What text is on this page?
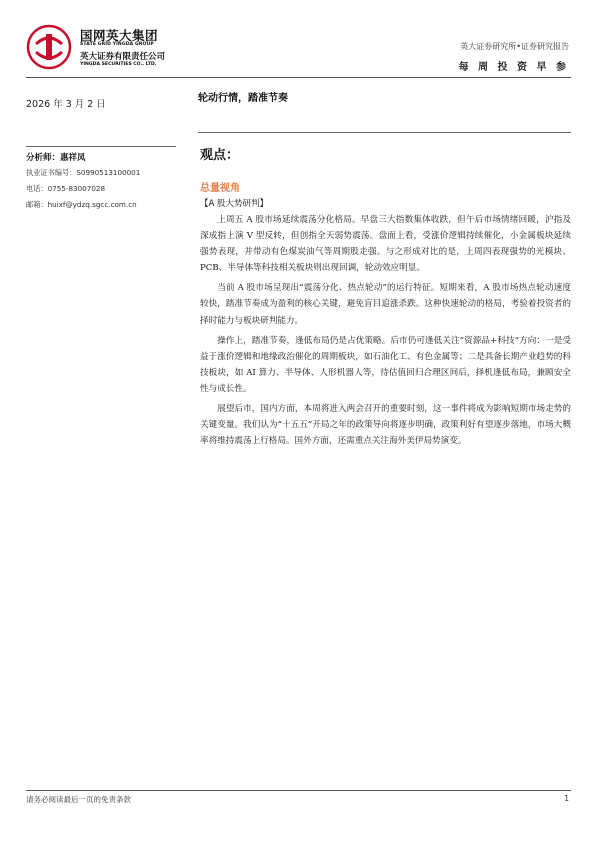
国网英大集团
STATE GRID YINGDA GROUP
英大证券有限责任公司
YINGDA SECURITIES CO., LTD.
英大证券研究所•证券研究报告
每 周 投 资 早 参
2026 年 3 月 2 日
分析师：惠祥凤
执业证书编号：S0990513100001
电话：0755-83007028
邮箱：huixf@ydzq.sgcc.com.cn
轮动行情，踏准节奏
观点：
总量视角
【A 股大势研判】

上周五 A 股市场延续震荡分化格局。早盘三大指数集体收跌，但午后市场情绪回暖，沪指及深成指上演 V 型反转，但创指全天弱势震荡。盘面上看，受涨价逻辑持续催化，小金属板块延续强势表现，并带动有色煤炭油气等周期股走强。与之形成对比的是，上周四表现强势的光模块、PCB、半导体等科技相关板块则出现回调，轮动效应明显。

当前 A 股市场呈现出“震荡分化、热点轮动”的运行特征。短期来看，A 股市场热点轮动速度较快，踏准节奏成为盈利的核心关键，避免盲目追涨杀跌。这种快速轮动的格局，考验着投资者的择时能力与板块研判能力。

操作上，踏准节奏，逢低布局仍是占优策略。后市仍可逢低关注“资源品+科技”方向：一是受益于涨价逻辑和地缘政治催化的周期板块，如石油化工、有色金属等；二是具备长期产业趋势的科技板块，如 AI 算力、半导体、人形机器人等，待估值回归合理区间后，择机逢低布局，兼顾安全性与成长性。

展望后市，国内方面，本周将进入两会召开的重要时刻，这一事件将成为影响短期市场走势的关键变量。我们认为“十五五”开局之年的政策导向将逐步明确，政策利好有望逐步落地，市场大概率将维持震荡上行格局。国外方面，还需重点关注海外美伊局势演变。

请务必阅读最后一页的免责条款	1
